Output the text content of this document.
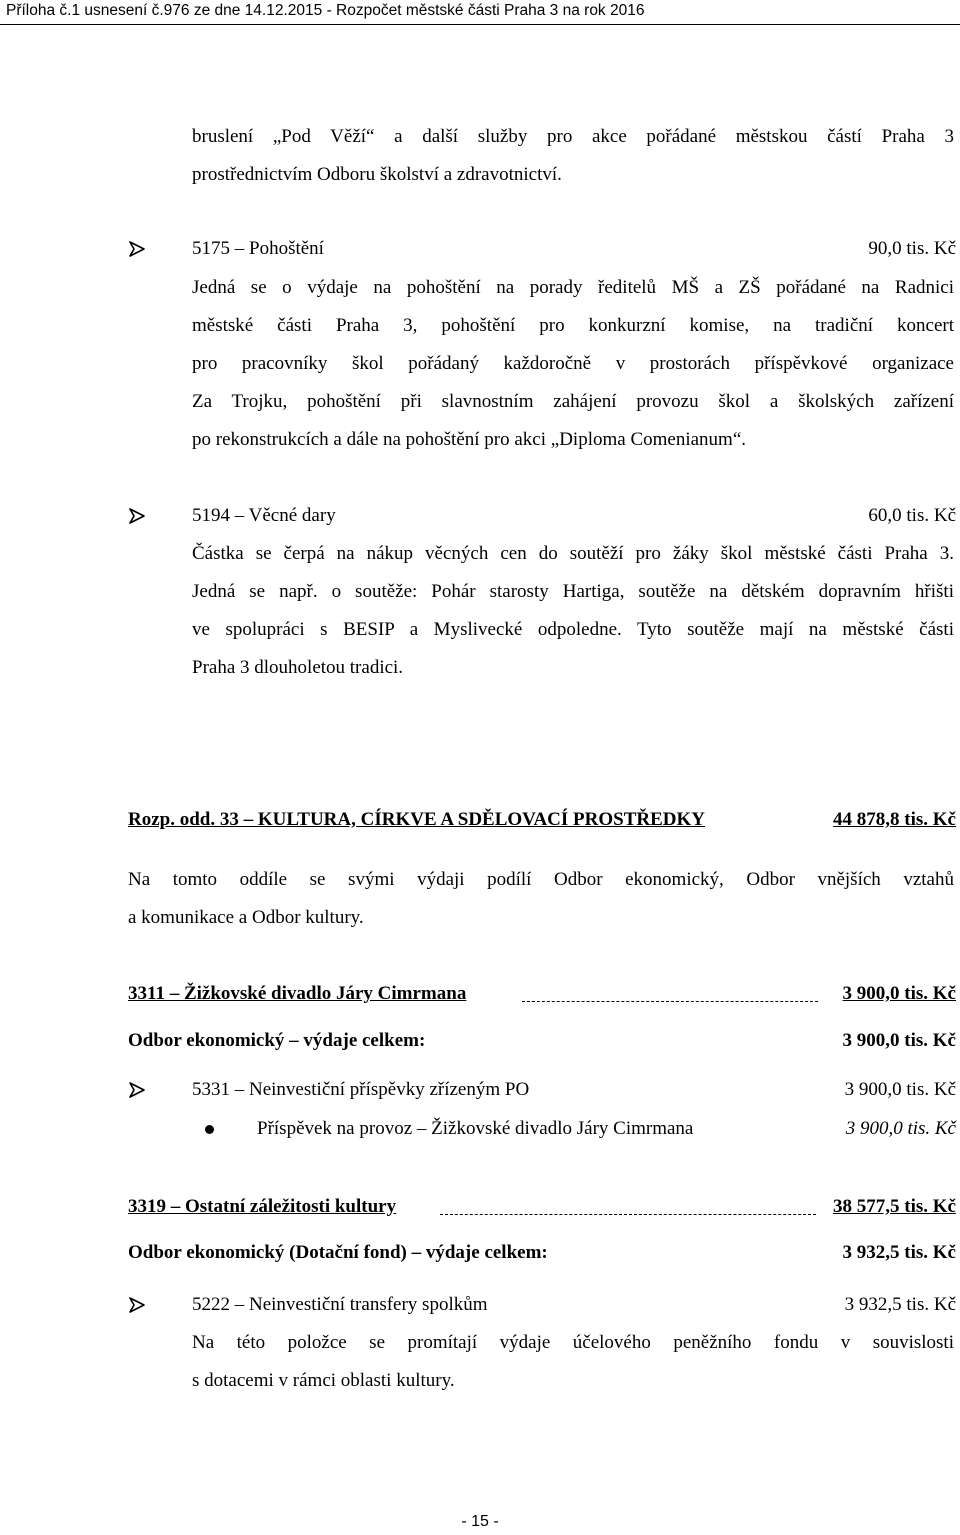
Příloha č.1 usnesení č.976 ze dne 14.12.2015 - Rozpočet městské části Praha 3 na rok 2016
bruslení „Pod Věží“ a další služby pro akce pořádané městskou částí Praha 3
prostřednictvím Odboru školství a zdravotnictví.
5175 – Pohoštění	90,0 tis. Kč
Jedná se o výdaje na pohoštění na porady ředitelů MŠ a ZŠ pořádané na Radnici
městské části Praha 3, pohoštění pro konkurzní komise, na tradiční koncert
pro pracovníky škol pořádaný každoročně v prostorách příspěvkové organizace
Za Trojku, pohoštění při slavnostním zahájení provozu škol a školských zařízení
po rekonstrukcích a dále na pohoštění pro akci „Diploma Comenianum“.
5194 – Věcné dary	60,0 tis. Kč
Částka se čerpá na nákup věcných cen do soutěží pro žáky škol městské části Praha 3.
Jedná se např. o soutěže: Pohár starosty Hartiga, soutěže na dětském dopravním hřišti
ve spolupráci s BESIP a Myslivecké odpoledne. Tyto soutěže mají na městské části
Praha 3 dlouholetou tradici.
Rozp. odd. 33 – KULTURA, CÍRKVE A SDĚLOVACÍ PROSTŘEDKY	44 878,8 tis. Kč
Na tomto oddíle se svými výdaji podílí Odbor ekonomický, Odbor vnějších vztahů
a komunikace a Odbor kultury.
3311 – Žižkovské divadlo Járy Cimrmana	3 900,0 tis. Kč
Odbor ekonomický – výdaje celkem:	3 900,0 tis. Kč
5331 – Neinvestiční příspěvky zřízeným PO	3 900,0 tis. Kč
Příspěvek na provoz – Žižkovské divadlo Járy Cimrmana	3 900,0 tis. Kč
3319 – Ostatní záležitosti kultury	38 577,5 tis. Kč
Odbor ekonomický (Dotační fond) – výdaje celkem:	3 932,5 tis. Kč
5222 – Neinvestiční transfery spolkům	3 932,5 tis. Kč
Na této položce se promítají výdaje účelového peněžního fondu v souvislosti
s dotacemi v rámci oblasti kultury.
- 15 -
